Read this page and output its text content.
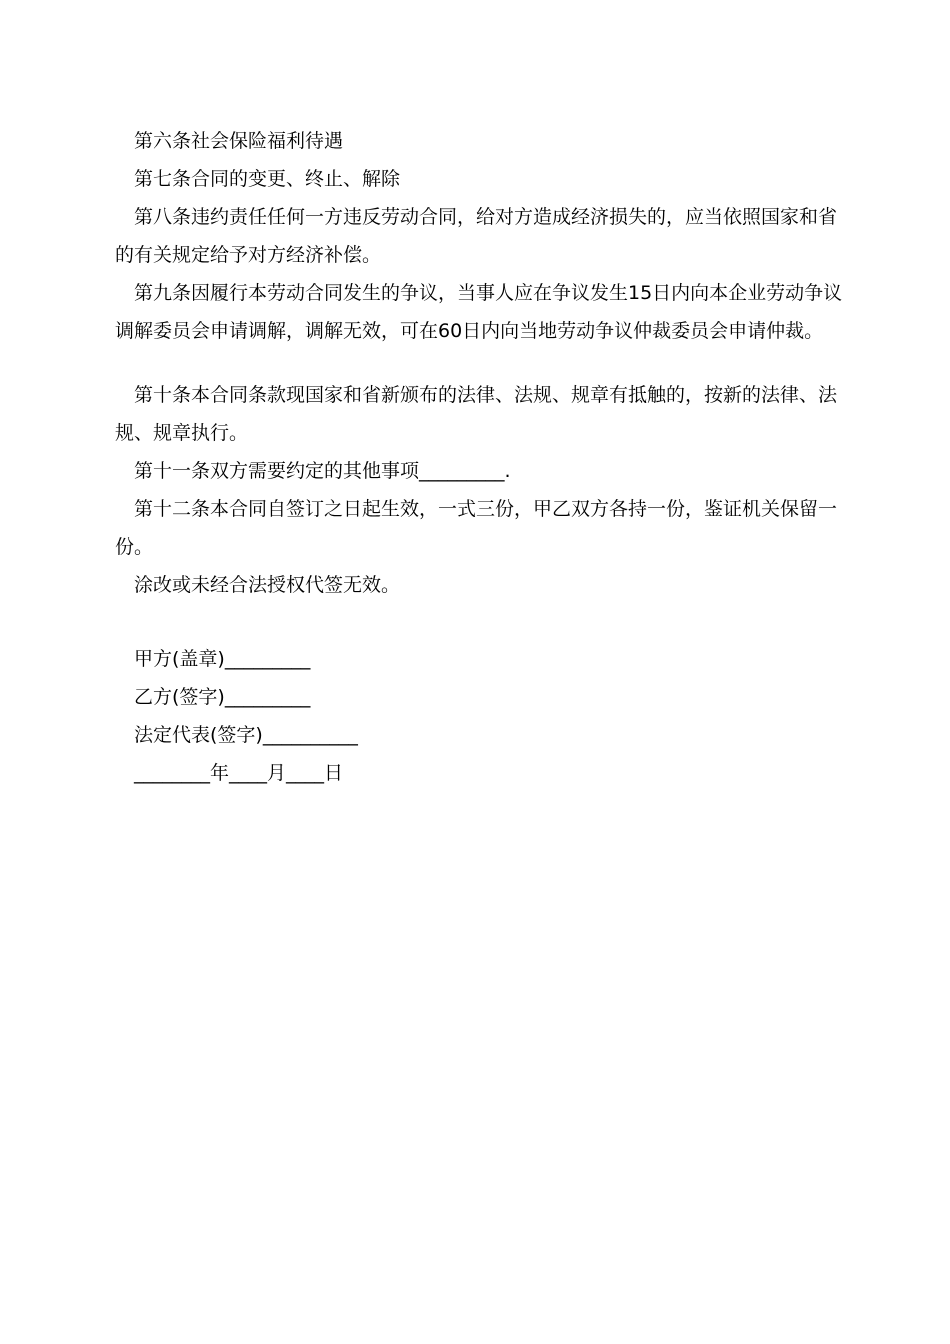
第六条社会保险福利待遇

第七条合同的变更、终止、解除

第八条违约责任任何一方违反劳动合同，给对方造成经济损失的，应当依照国家和省的有关规定给予对方经济补偿。

第九条因履行本劳动合同发生的争议，当事人应在争议发生15日内向本企业劳动争议调解委员会申请调解，调解无效，可在60日内向当地劳动争议仲裁委员会申请仲裁。

第十条本合同条款现国家和省新颁布的法律、法规、规章有抵触的，按新的法律、法规、规章执行。

第十一条双方需要约定的其他事项_________.

第十二条本合同自签订之日起生效，一式三份，甲乙双方各持一份，鉴证机关保留一份。

涂改或未经合法授权代签无效。

甲方(盖章)_________

乙方(签字)_________

法定代表(签字)__________

________年____月____日
